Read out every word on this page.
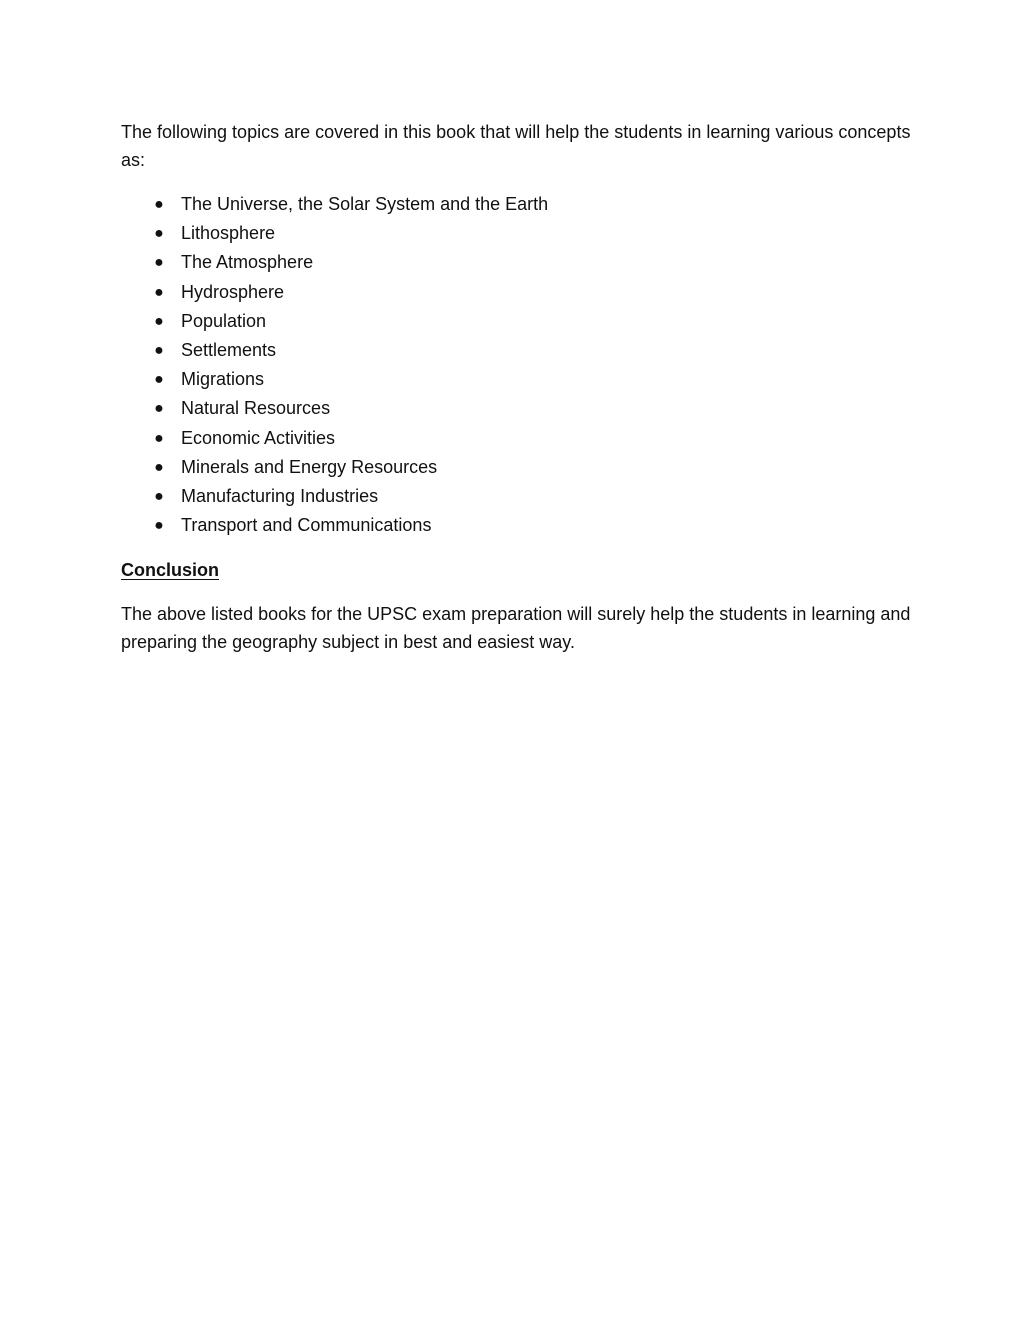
The following topics are covered in this book that will help the students in learning various concepts as:

● The Universe, the Solar System and the Earth
● Lithosphere
● The Atmosphere
● Hydrosphere
● Population
● Settlements
● Migrations
● Natural Resources
● Economic Activities
● Minerals and Energy Resources
● Manufacturing Industries
● Transport and Communications

Conclusion

The above listed books for the UPSC exam preparation will surely help the students in learning and preparing the geography subject in best and easiest way.
